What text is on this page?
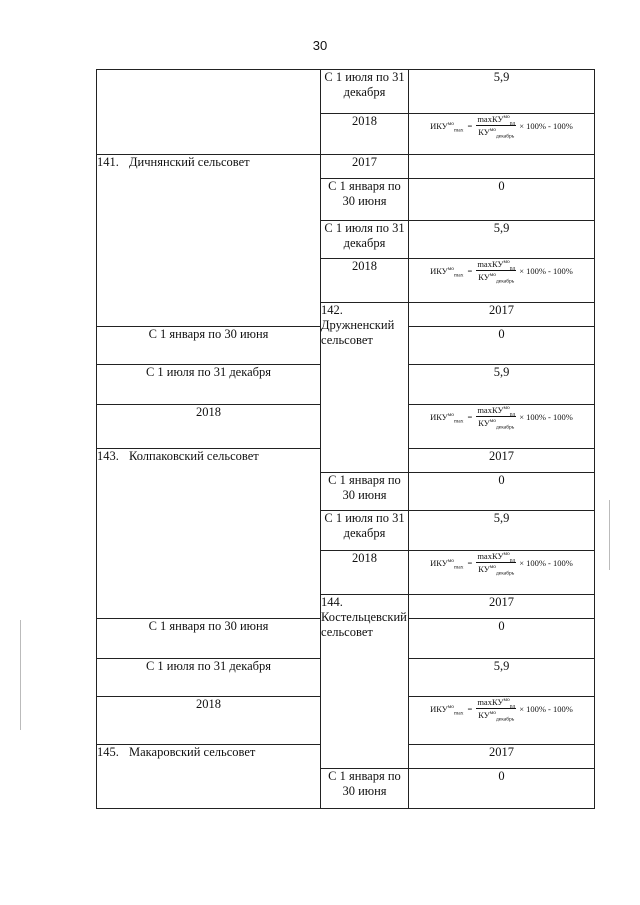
30
	С 1 июля по 31 декабря	5,9	
	2018	$ИКУ^{мо}_{max} = \frac{\max КУ^{мо}_{рд}}{КУ^{мо}_{декабрь}} \times 100\% - 100\%$	

141. Дичнянский сельсовет	2017		
	С 1 января по 30 июня	0	
	С 1 июля по 31 декабря	5,9	
	2018	$ИКУ^{мо}_{max} = \frac{\max КУ^{мо}_{рд}}{КУ^{мо}_{декабрь}} \times 100\% - 100\%$	

	142.Дружненский сельсовет	2017	
С 1 января по 30 июня		0	
С 1 июля по 31 декабря		5,9	
2018		$ИКУ^{мо}_{max} = \frac{\max КУ^{мо}_{рд}}{КУ^{мо}_{декабрь}} \times 100\% - 100\%$	

143. Колпаковский сельсовет		2017	
	С 1 января по 30 июня	0	
	С 1 июля по 31 декабря	5,9	
	2018	$ИКУ^{мо}_{max} = \frac{\max КУ^{мо}_{рд}}{КУ^{мо}_{декабрь}} \times 100\% - 100\%$	

	144.Костельцевский сельсовет	2017	
С 1 января по 30 июня		0	
С 1 июля по 31 декабря		5,9	
2018		$ИКУ^{мо}_{max} = \frac{\max КУ^{мо}_{рд}}{КУ^{мо}_{декабрь}} \times 100\% - 100\%$	

145. Макаровский сельсовет		2017	
	С 1 января по 30 июня	0	
